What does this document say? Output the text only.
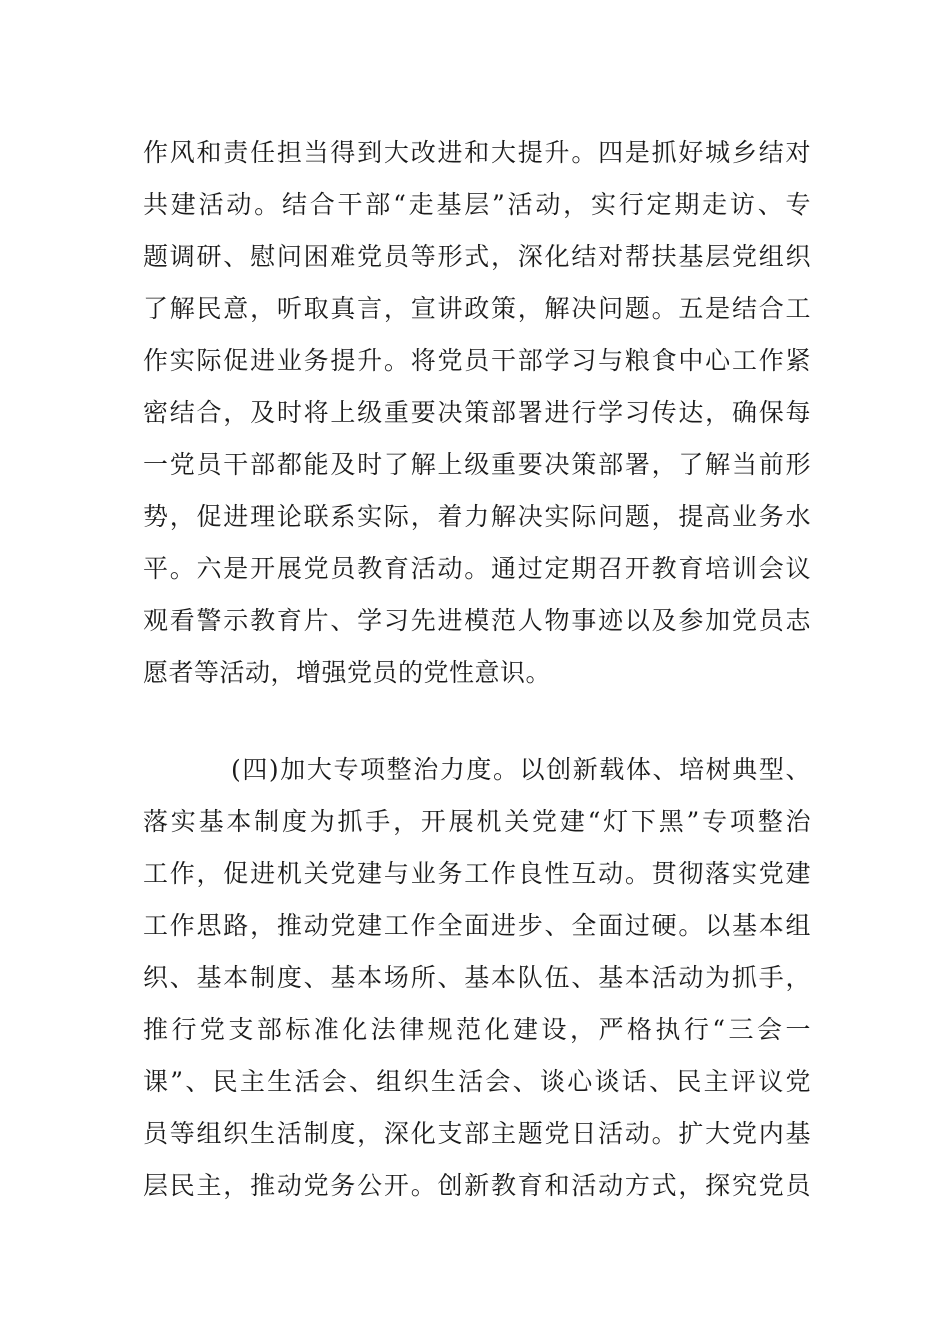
作风和责任担当得到大改进和大提升。四是抓好城乡结对
共建活动。结合干部“走基层”活动，实行定期走访、专
题调研、慰问困难党员等形式，深化结对帮扶基层党组织
了解民意，听取真言，宣讲政策，解决问题。五是结合工
作实际促进业务提升。将党员干部学习与粮食中心工作紧
密结合，及时将上级重要决策部署进行学习传达，确保每
一党员干部都能及时了解上级重要决策部署，了解当前形
势，促进理论联系实际，着力解决实际问题，提高业务水
平。六是开展党员教育活动。通过定期召开教育培训会议
观看警示教育片、学习先进模范人物事迹以及参加党员志
愿者等活动，增强党员的党性意识。
(四)加大专项整治力度。以创新载体、培树典型、
落实基本制度为抓手，开展机关党建“灯下黑”专项整治
工作，促进机关党建与业务工作良性互动。贯彻落实党建
工作思路，推动党建工作全面进步、全面过硬。以基本组
织、基本制度、基本场所、基本队伍、基本活动为抓手，
推行党支部标准化法律规范化建设，严格执行“三会一
课”、民主生活会、组织生活会、谈心谈话、民主评议党
员等组织生活制度，深化支部主题党日活动。扩大党内基
层民主，推动党务公开。创新教育和活动方式，探究党员
